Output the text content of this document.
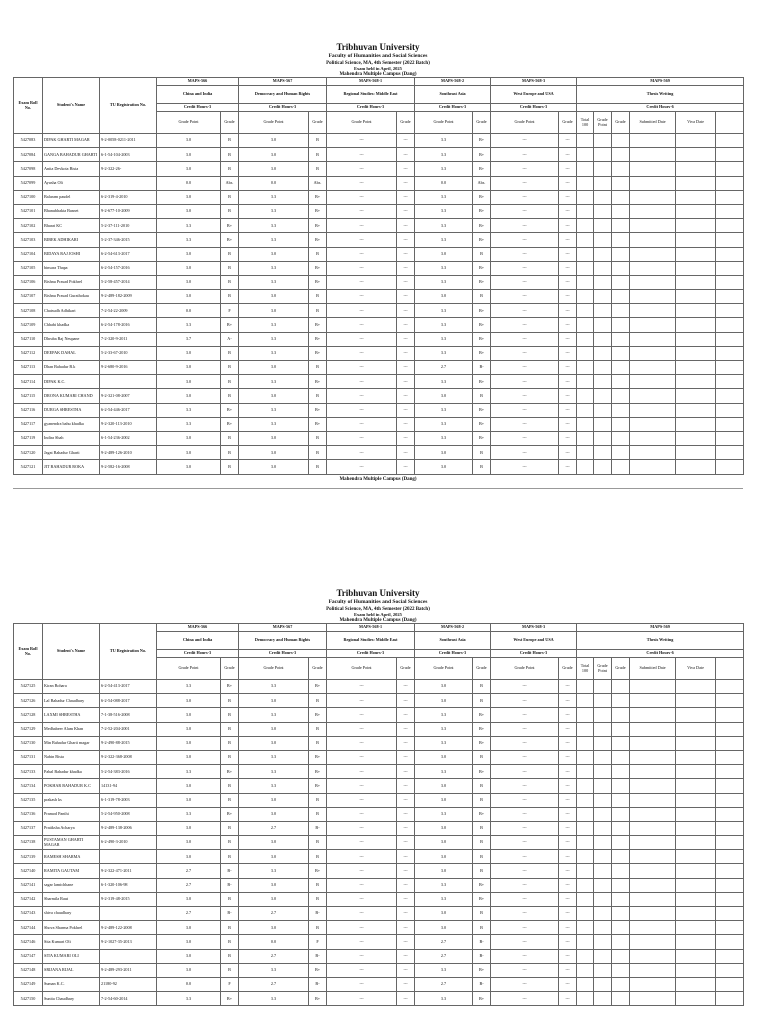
Tribhuvan University
Faculty of Humanities and Social Sciences
Political Science, MA, 4th Semester (2022 Batch)
Exam held in April, 2025
Mahendra Multiple Campus (Dang)
Exam Roll No.	Student's Name	TU Registration No.	MAPS-566		MAPS-567		MAPS-568-1		MAPS-568-2		MAPS-568-3		MAPS-569	
			China and India		Democracy and Human Rights		Regional Studies: Middle East		Southeast Asia		West Europe and USA		Thesis Writing						
			Credit Hours-3		Credit Hours-3		Credit Hours-3		Credit Hours-3		Credit Hours-3		Credit Hours-6						
			Grade Point	Grade	Grade Point	Grade	Grade Point	Grade	Grade Point	Grade	Grade Point	Grade	Total 100	Grade Point	Grade	Submitted Date	Viva Date		
5427083	DIPAK GHARTI MAGAR	9-2-0058-0211-2011	3.0	B	3.0	B	---	---	3.3	B+	---	---							
5427084	GANGA BAHADUR GHARTI	6-1-54-104-2003	3.0	B	3.0	B	---	---	3.3	B+	---	---							
5427098	Anita Devkota Bista	9-2-322-26-	3.0	B	3.0	B	---	---	3.3	B+	---	---							
5427099	Ayusha Oli		0.0	Abs.	0.0	Abs.	---	---	0.0	Abs.	---	---							
5427100	Balaram paudel	6-2-319-4-2010	3.0	B	3.3	B+	---	---	3.3	B+	---	---							
5427101	Bhanubhakta Basnet	9-2-677-10-2009	3.0	B	3.3	B+	---	---	3.3	B+	---	---							
5427102	Bharat KC	5-2-37-111-2010	3.3	B+	3.3	B+	---	---	3.3	B+	---	---							
5427103	BIBEK ADHIKARI	5-2-37-346-2015	3.3	B+	3.3	B+	---	---	3.3	B+	---	---							
5427104	BIDAYA RAJ JOSHI	6-2-54-613-2017	3.0	B	3.0	B	---	---	3.0	B	---	---							
5427105	binsara Thapa	6-2-54-157-2016	3.0	B	3.3	B+	---	---	3.3	B+	---	---							
5427106	Bishnu Prasad Pokhrel	5-2-58-457-2014	3.0	B	3.3	B+	---	---	3.3	B+	---	---							
5427107	Bishnu Prasad Gurathokau	9-2-489-182-2009	3.0	B	3.0	B	---	---	3.0	B	---	---							
5427108	Chatsudh Adhikari	7-2-54-22-2009	0.0	F	3.0	B	---	---	3.3	B+	---	---							
5427109	Chhabi khadka	6-2-54-178-2016	3.3	B+	3.3	B+	---	---	3.3	B+	---	---							
5427110	Dhruba Raj Neupane	7-2-320-9-2011	3.7	A-	3.3	B+	---	---	3.3	B+	---	---							
5427112	DEEPAK DAHAL	5-2-33-67-2010	3.0	B	3.3	B+	---	---	3.3	B+	---	---							
5427113	Dhan Bahadur B.k	9-2-680-9-2016	3.0	B	3.0	B	---	---	2.7	B-	---	---							
5427114	DIPAK K.C.		3.0	B	3.3	B+	---	---	3.3	B+	---	---							
5427115	DRONA KUMARI CHAND	9-2-321-08-2007	3.0	B	3.0	B	---	---	3.0	B	---	---							
5427116	DURGA SHRESTHA	6-2-54-446-2017	3.3	B+	3.3	B+	---	---	3.3	B+	---	---							
5427117	gyanendra bahu khadka	9-2-320-113-2010	3.3	B+	3.3	B+	---	---	3.3	B+	---	---							
5427119	Indira Shah	6-1-54-236-2002	3.0	B	3.0	B	---	---	3.3	B+	---	---							
5427120	Jagat Bahadur Gharti	9-2-489-126-2010	3.0	B	3.0	B	---	---	3.0	B	---	---							
5427121	JIT BAHADUR ROKA	9-2-582-16-2008	3.0	B	3.0	B	---	---	3.0	B	---	---							
Mahendra Multiple Campus (Dang)
Tribhuvan University
Faculty of Humanities and Social Sciences
Political Science, MA, 4th Semester (2022 Batch)
Exam held in April, 2025
Mahendra Multiple Campus (Dang)
Exam Roll No.	Student's Name	TU Registration No.	MAPS-566		MAPS-567		MAPS-568-1		MAPS-568-2		MAPS-568-3		MAPS-569	
			China and India		Democracy and Human Rights		Regional Studies: Middle East		Southeast Asia		West Europe and USA		Thesis Writing						
			Credit Hours-3		Credit Hours-3		Credit Hours-3		Credit Hours-3		Credit Hours-3		Credit Hours-6						
			Grade Point	Grade	Grade Point	Grade	Grade Point	Grade	Grade Point	Grade	Grade Point	Grade	Total 100	Grade Point	Grade	Submitted Date	Viva Date		
5427125	Kiran Bohara	6-2-54-413-2017	3.3	B+	3.3	B+	---	---	3.0	B	---	---							
5427126	Lal Bahadur Chaudhary	6-2-54-088-2017	3.0	B	3.0	B	---	---	3.0	B	---	---							
5427128	LAXMI SHRESTHA	7-1-38-516-2008	3.0	B	3.3	B+	---	---	3.3	B+	---	---							
5427129	Medhabeer Alam Khan	7-2-52-204-2001	3.0	B	3.0	B	---	---	3.3	B+	---	---							
5427130	Min Bahadur Gharti magar	9-2-490-88-2015	3.0	B	3.0	B	---	---	3.3	B+	---	---							
5427131	Nabin Bista	9-2-322-368-2008	3.0	B	3.3	B+	---	---	3.0	B	---	---							
5427133	Pabal Bahadur khadka	5-2-54-383-2016	3.3	B+	3.3	B+	---	---	3.3	B+	---	---							
5427134	POKHAR BAHADUR K.C	14131-94	3.0	B	3.3	B+	---	---	3.0	B	---	---							
5427135	prakash ks	6-1-319-78-2003	3.0	B	3.0	B	---	---	3.0	B	---	---							
5427136	Pramod Panthi	5-2-54-950-2008	3.3	B+	3.0	B	---	---	3.3	B+	---	---							
5427137	Pratiksha Acharya	9-2-489-138-2006	3.0	B	2.7	B-	---	---	3.0	B	---	---							
5427138	PUSTAMAN GHARTI MAGAR	6-2-490-3-2010	3.0	B	3.0	B	---	---	3.0	B	---	---							
5427139	RAMESH SHARMA		3.0	B	3.0	B	---	---	3.0	B	---	---							
5427140	RAMITA GAUTAM	9-2-322-471-2011	2.7	B-	3.3	B+	---	---	3.0	B	---	---							
5427141	sagar lamichhane	6-1-320-106-98	2.7	B-	3.0	B	---	---	3.3	B+	---	---							
5427142	Sharmila Raut	9-2-319-48-2015	3.0	B	3.0	B	---	---	3.3	B+	---	---							
5427143	shiva chaudhary		2.7	B-	2.7	B-	---	---	3.0	B	---	---							
5427144	Shova Sharma Pokhrel	9-2-489-122-2008	3.0	B	3.0	B	---	---	3.0	B	---	---							
5427146	Sita Kumari Oli	9-2-1027-35-2013	3.0	B	0.0	F	---	---	2.7	B-	---	---							
5427147	SITA KUMARI OLI		3.0	B	2.7	B-	---	---	2.7	B-	---	---							
5427148	SRIJANA RIJAL	9-2-489-293-2011	3.0	B	3.3	B+	---	---	3.3	B+	---	---							
5427149	Suman K.C.	21180-92	0.0	F	2.7	B-	---	---	2.7	B-	---	---							
5427150	Sunita Chaudhary	7-2-54-60-2014	3.3	B+	3.3	B+	---	---	3.3	B+	---	---							
